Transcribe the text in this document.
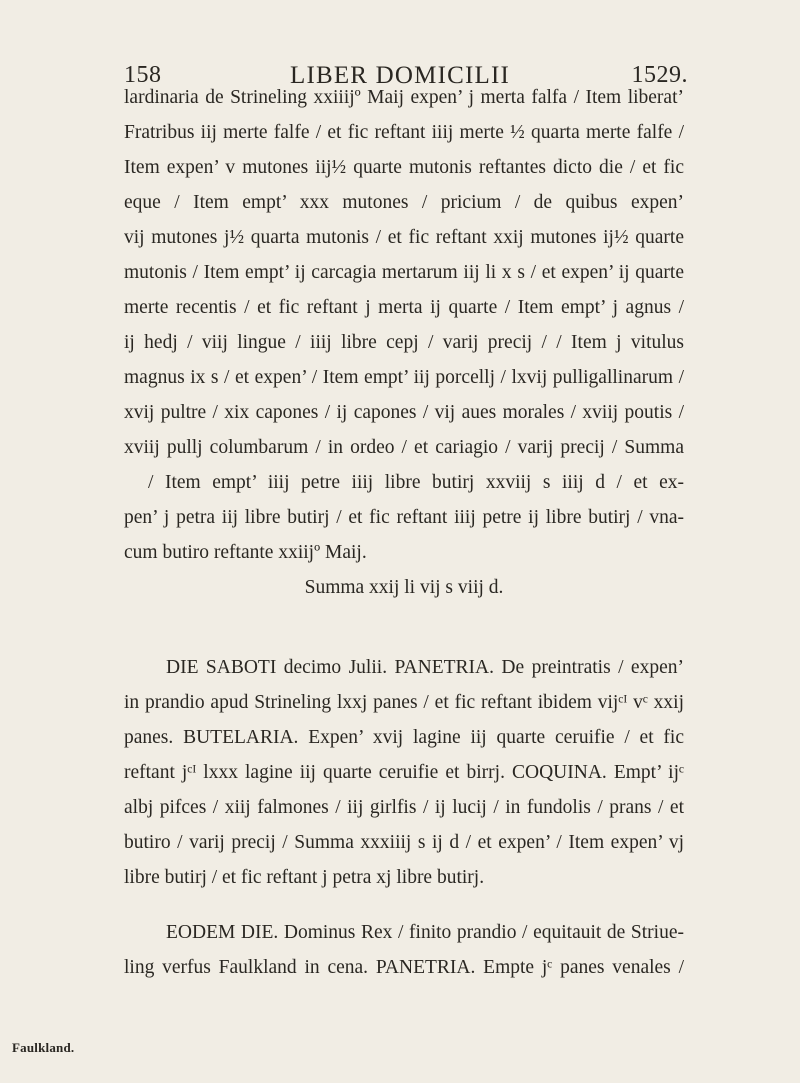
158	LIBER DOMICILII	1529.
Faulkland.
lardinaria de Strineling xxiiijº Maij expen’ j merta falfa / Item liberat’
Fratribus iij merte falfe / et fic reftant iiij merte ½ quarta merte falfe /
Item expen’ v mutones iij½ quarte mutonis reftantes dicto die / et fic
eque / Item empt’ xxx mutones / pricium / de quibus expen’
vij mutones j½ quarta mutonis / et fic reftant xxij mutones ij½ quarte
mutonis / Item empt’ ij carcagia mertarum iij li x s / et expen’ ij quarte
merte recentis / et fic reftant j merta ij quarte / Item empt’ j agnus /
ij hedj / viij lingue / iiij libre cepj / varij precij / / Item j vitulus
magnus ix s / et expen’ / Item empt’ iij porcellj / lxvij pulligallinarum /
xvij pultre / xix capones / ij capones / vij aues morales / xviij poutis /
xviij pullj columbarum / in ordeo / et cariagio / varij precij / Summa
/ Item empt’ iiij petre iiij libre butirj xxviij s iiij d / et ex-
pen’ j petra iij libre butirj / et fic reftant iiij petre ij libre butirj / vna-
cum butiro reftante xxiijº Maij.
Summa xxij li vij s viij d.
DIE SABOTI decimo Julii. PANETRIA. De preintratis / expen’
in prandio apud Strineling lxxj panes / et fic reftant ibidem vijᶜᴵ vᶜ xxij
panes. BUTELARIA. Expen’ xvij lagine iij quarte ceruifie / et fic
reftant jᶜᴵ lxxx lagine iij quarte ceruifie et birrj. COQUINA. Empt’ ijᶜ
albj pifces / xiij falmones / iij girlfis / ij lucij / in fundolis / prans / et
butiro / varij precij / Summa xxxiiij s ij d / et expen’ / Item expen’ vj
libre butirj / et fic reftant j petra xj libre butirj.
EODEM DIE. Dominus Rex / finito prandio / equitauit de Striue-
ling verfus Faulkland in cena. PANETRIA. Empte jᶜ panes venales /
